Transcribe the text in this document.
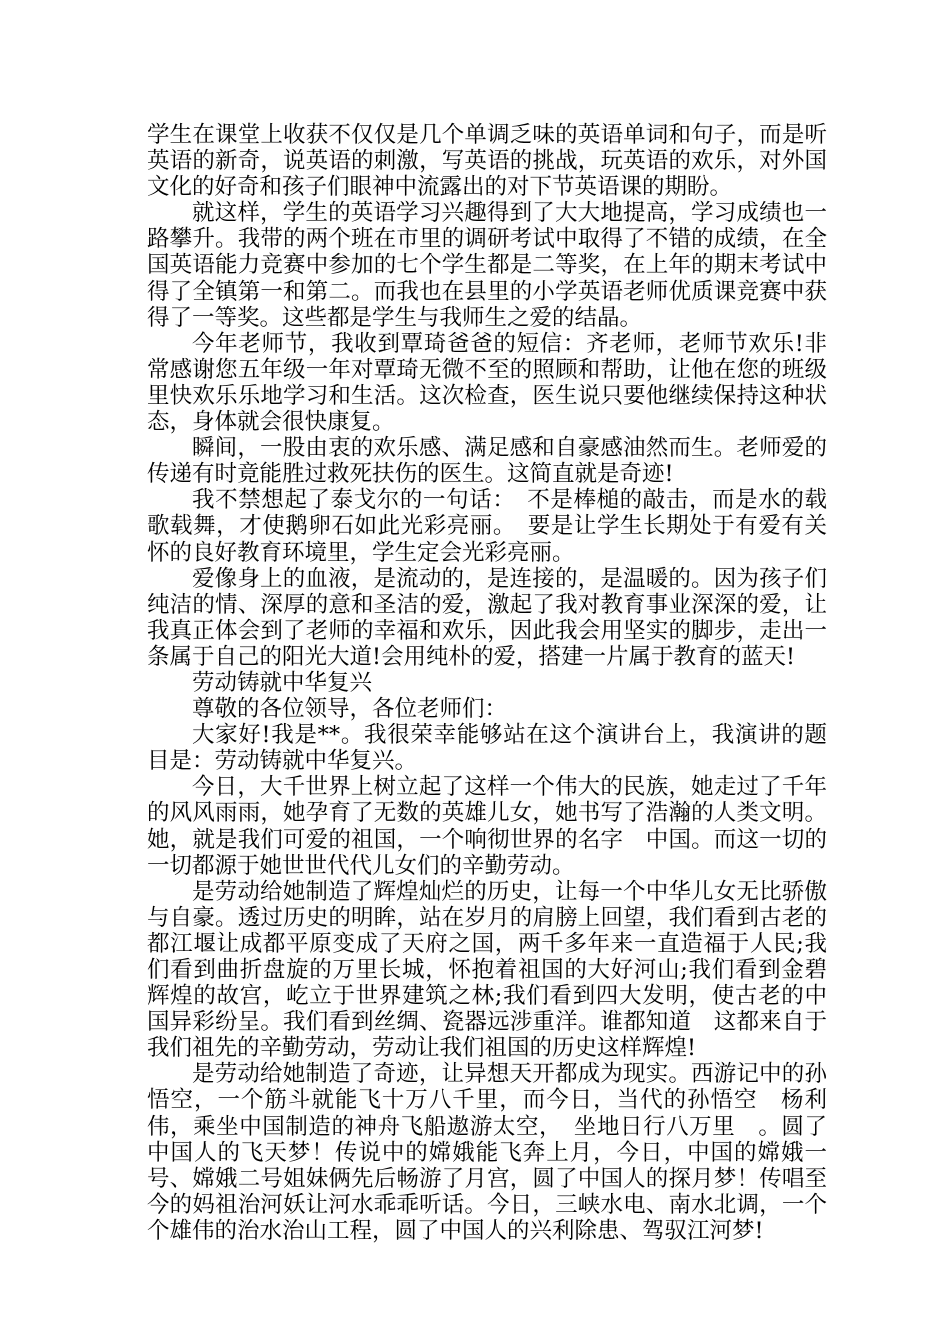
学生在课堂上收获不仅仅是几个单调乏味的英语单词和句子，而是听英语的新奇，说英语的刺激，写英语的挑战，玩英语的欢乐，对外国文化的好奇和孩子们眼神中流露出的对下节英语课的期盼。

就这样，学生的英语学习兴趣得到了大大地提高，学习成绩也一路攀升。我带的两个班在市里的调研考试中取得了不错的成绩，在全国英语能力竞赛中参加的七个学生都是二等奖，在上年的期末考试中得了全镇第一和第二。而我也在县里的小学英语老师优质课竞赛中获得了一等奖。这些都是学生与我师生之爱的结晶。

今年老师节，我收到覃琦爸爸的短信：齐老师，老师节欢乐!非常感谢您五年级一年对覃琦无微不至的照顾和帮助，让他在您的班级里快欢乐乐地学习和生活。这次检查，医生说只要他继续保持这种状态，身体就会很快康复。

瞬间，一股由衷的欢乐感、满足感和自豪感油然而生。老师爱的传递有时竟能胜过救死扶伤的医生。这简直就是奇迹!

我不禁想起了泰戈尔的一句话：　不是棒槌的敲击，而是水的载歌载舞，才使鹅卵石如此光彩亮丽。　要是让学生长期处于有爱有关怀的良好教育环境里，学生定会光彩亮丽。

爱像身上的血液，是流动的，是连接的，是温暖的。因为孩子们纯洁的情、深厚的意和圣洁的爱，激起了我对教育事业深深的爱，让我真正体会到了老师的幸福和欢乐，因此我会用坚实的脚步，走出一条属于自己的阳光大道!会用纯朴的爱，搭建一片属于教育的蓝天!

劳动铸就中华复兴

尊敬的各位领导，各位老师们：

大家好!我是**。我很荣幸能够站在这个演讲台上，我演讲的题目是：劳动铸就中华复兴。

今日，大千世界上树立起了这样一个伟大的民族，她走过了千年的风风雨雨，她孕育了无数的英雄儿女，她书写了浩瀚的人类文明。她，就是我们可爱的祖国，一个响彻世界的名字　中国。而这一切的一切都源于她世世代代儿女们的辛勤劳动。

是劳动给她制造了辉煌灿烂的历史，让每一个中华儿女无比骄傲与自豪。透过历史的明眸，站在岁月的肩膀上回望，我们看到古老的都江堰让成都平原变成了天府之国，两千多年来一直造福于人民;我们看到曲折盘旋的万里长城，怀抱着祖国的大好河山;我们看到金碧辉煌的故宫，屹立于世界建筑之林;我们看到四大发明，使古老的中国异彩纷呈。我们看到丝绸、瓷器远涉重洋。谁都知道　这都来自于我们祖先的辛勤劳动，劳动让我们祖国的历史这样辉煌!

是劳动给她制造了奇迹，让异想天开都成为现实。西游记中的孙悟空，一个筋斗就能飞十万八千里，而今日，当代的孙悟空　杨利伟，乘坐中国制造的神舟飞船遨游太空，　坐地日行八万里　。圆了中国人的飞天梦！传说中的嫦娥能飞奔上月，今日，中国的嫦娥一号、嫦娥二号姐妹俩先后畅游了月宫，圆了中国人的探月梦！传唱至今的妈祖治河妖让河水乖乖听话。今日，三峡水电、南水北调，一个个雄伟的治水治山工程，圆了中国人的兴利除患、驾驭江河梦!
